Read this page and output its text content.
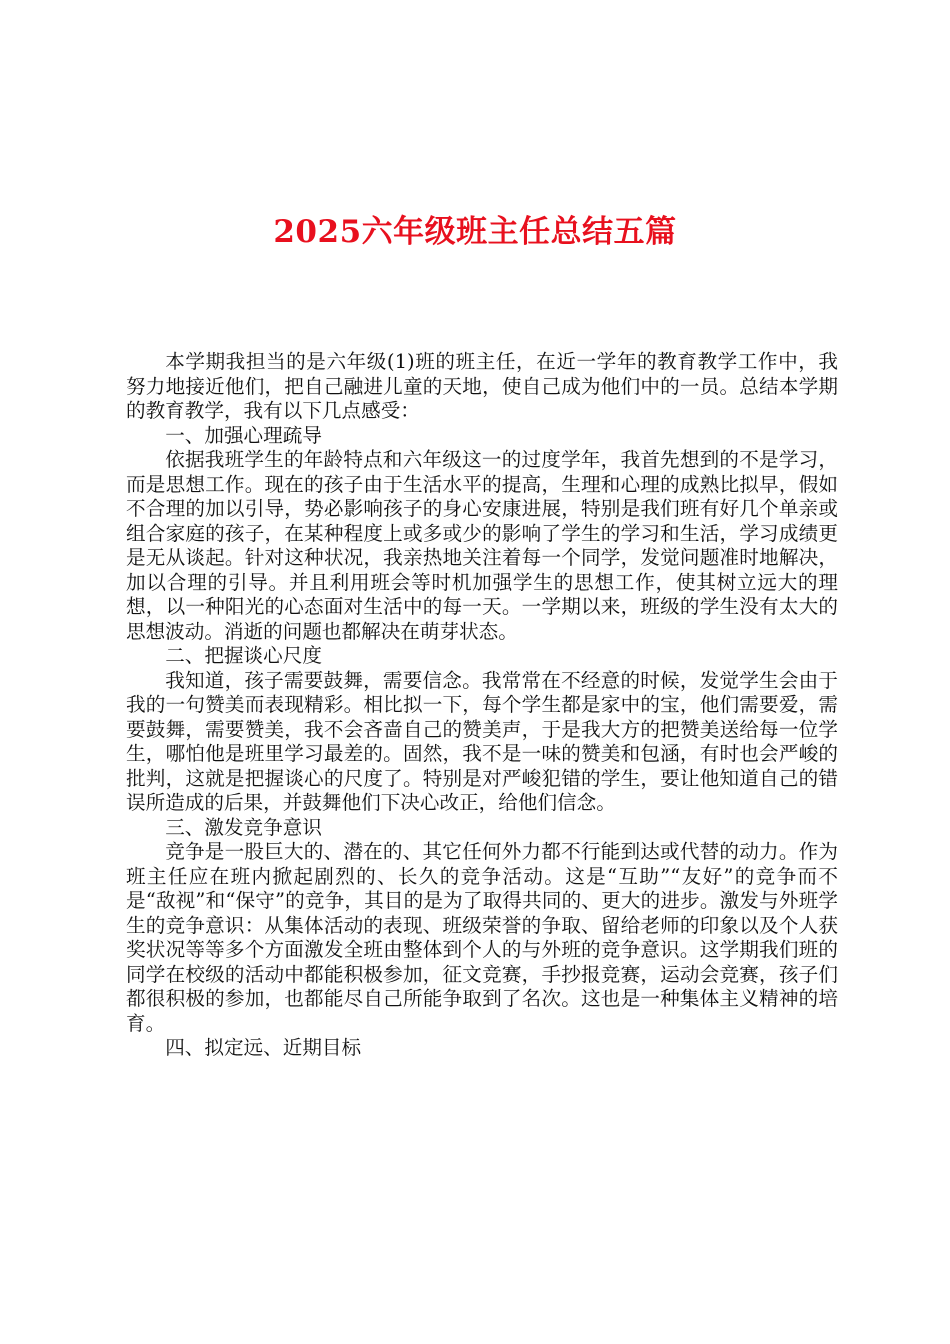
2025六年级班主任总结五篇

本学期我担当的是六年级(1)班的班主任，在近一学年的教育教学工作中，我努力地接近他们，把自己融进儿童的天地，使自己成为他们中的一员。总结本学期的教育教学，我有以下几点感受：

一、加强心理疏导

依据我班学生的年龄特点和六年级这一的过度学年，我首先想到的不是学习，而是思想工作。现在的孩子由于生活水平的提高，生理和心理的成熟比拟早，假如不合理的加以引导，势必影响孩子的身心安康进展，特别是我们班有好几个单亲或组合家庭的孩子，在某种程度上或多或少的影响了学生的学习和生活，学习成绩更是无从谈起。针对这种状况，我亲热地关注着每一个同学，发觉问题准时地解决，加以合理的引导。并且利用班会等时机加强学生的思想工作，使其树立远大的理想，以一种阳光的心态面对生活中的每一天。一学期以来，班级的学生没有太大的思想波动。消逝的问题也都解决在萌芽状态。

二、把握谈心尺度

我知道，孩子需要鼓舞，需要信念。我常常在不经意的时候，发觉学生会由于我的一句赞美而表现精彩。相比拟一下，每个学生都是家中的宝，他们需要爱，需要鼓舞，需要赞美，我不会吝啬自己的赞美声，于是我大方的把赞美送给每一位学生，哪怕他是班里学习最差的。固然，我不是一味的赞美和包涵，有时也会严峻的批判，这就是把握谈心的尺度了。特别是对严峻犯错的学生，要让他知道自己的错误所造成的后果，并鼓舞他们下决心改正，给他们信念。

三、激发竞争意识

竞争是一股巨大的、潜在的、其它任何外力都不行能到达或代替的动力。作为班主任应在班内掀起剧烈的、长久的竞争活动。这是“互助”“友好”的竞争而不是“敌视”和“保守”的竞争，其目的是为了取得共同的、更大的进步。激发与外班学生的竞争意识：从集体活动的表现、班级荣誉的争取、留给老师的印象以及个人获奖状况等等多个方面激发全班由整体到个人的与外班的竞争意识。这学期我们班的同学在校级的活动中都能积极参加，征文竞赛，手抄报竞赛，运动会竞赛，孩子们都很积极的参加，也都能尽自己所能争取到了名次。这也是一种集体主义精神的培育。

四、拟定远、近期目标
